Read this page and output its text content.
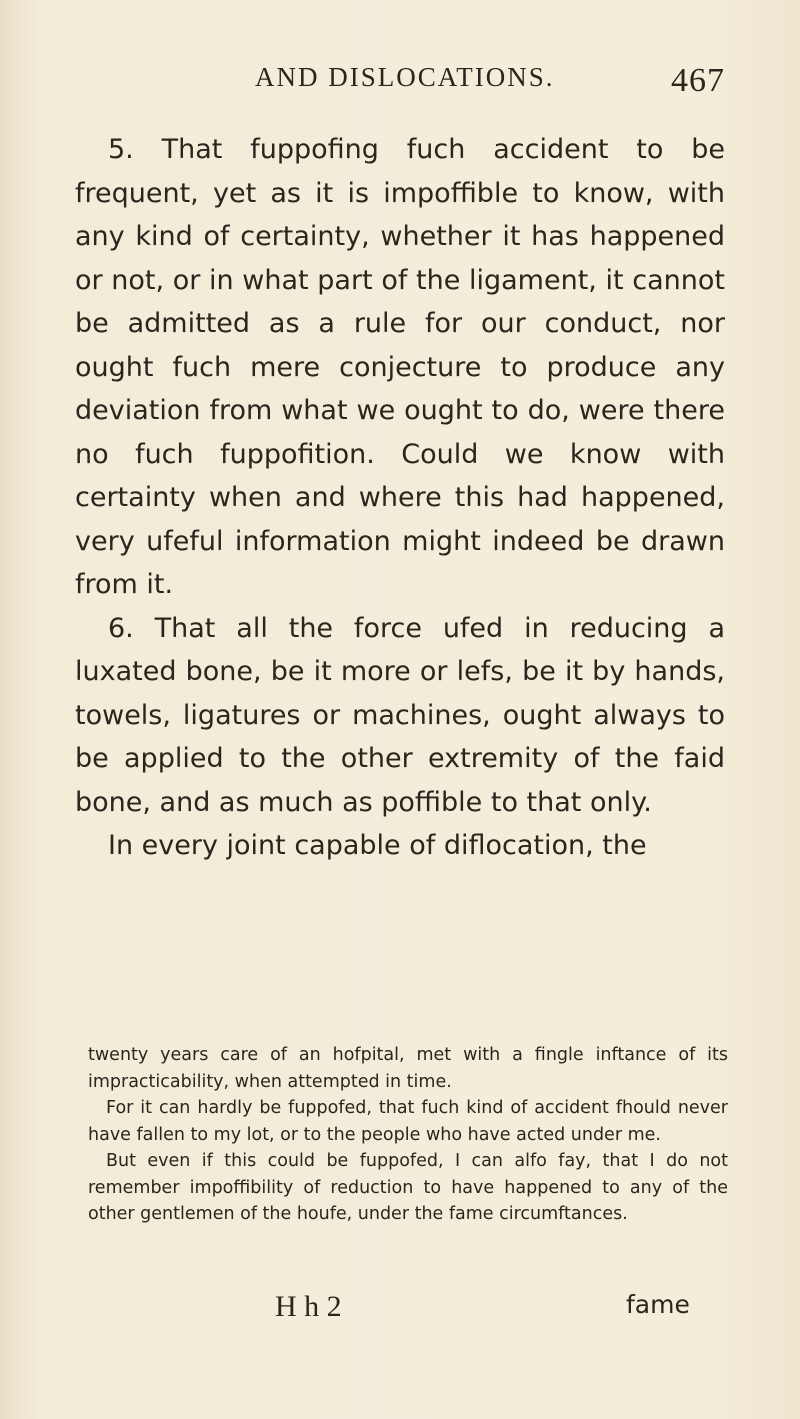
AND DISLOCATIONS.	467

5. That fuppofing fuch accident to be frequent, yet as it is impoffible to know, with any kind of certainty, whether it has happened or not, or in what part of the ligament, it cannot be admitted as a rule for our conduct, nor ought fuch mere conjecture to produce any deviation from what we ought to do, were there no fuch fuppofition. Could we know with certainty when and where this had happened, very ufeful information might indeed be drawn from it.

6. That all the force ufed in reducing a luxated bone, be it more or lefs, be it by hands, towels, ligatures or machines, ought always to be applied to the other extremity of the faid bone, and as much as poffible to that only.

In every joint capable of diflocation, the

twenty years care of an hofpital, met with a fingle inftance of its impracticability, when attempted in time.

For it can hardly be fuppofed, that fuch kind of accident fhould never have fallen to my lot, or to the people who have acted under me.

But even if this could be fuppofed, I can alfo fay, that I do not remember impoffibility of reduction to have happened to any of the other gentlemen of the houfe, under the fame circumftances.

H h 2	fame
